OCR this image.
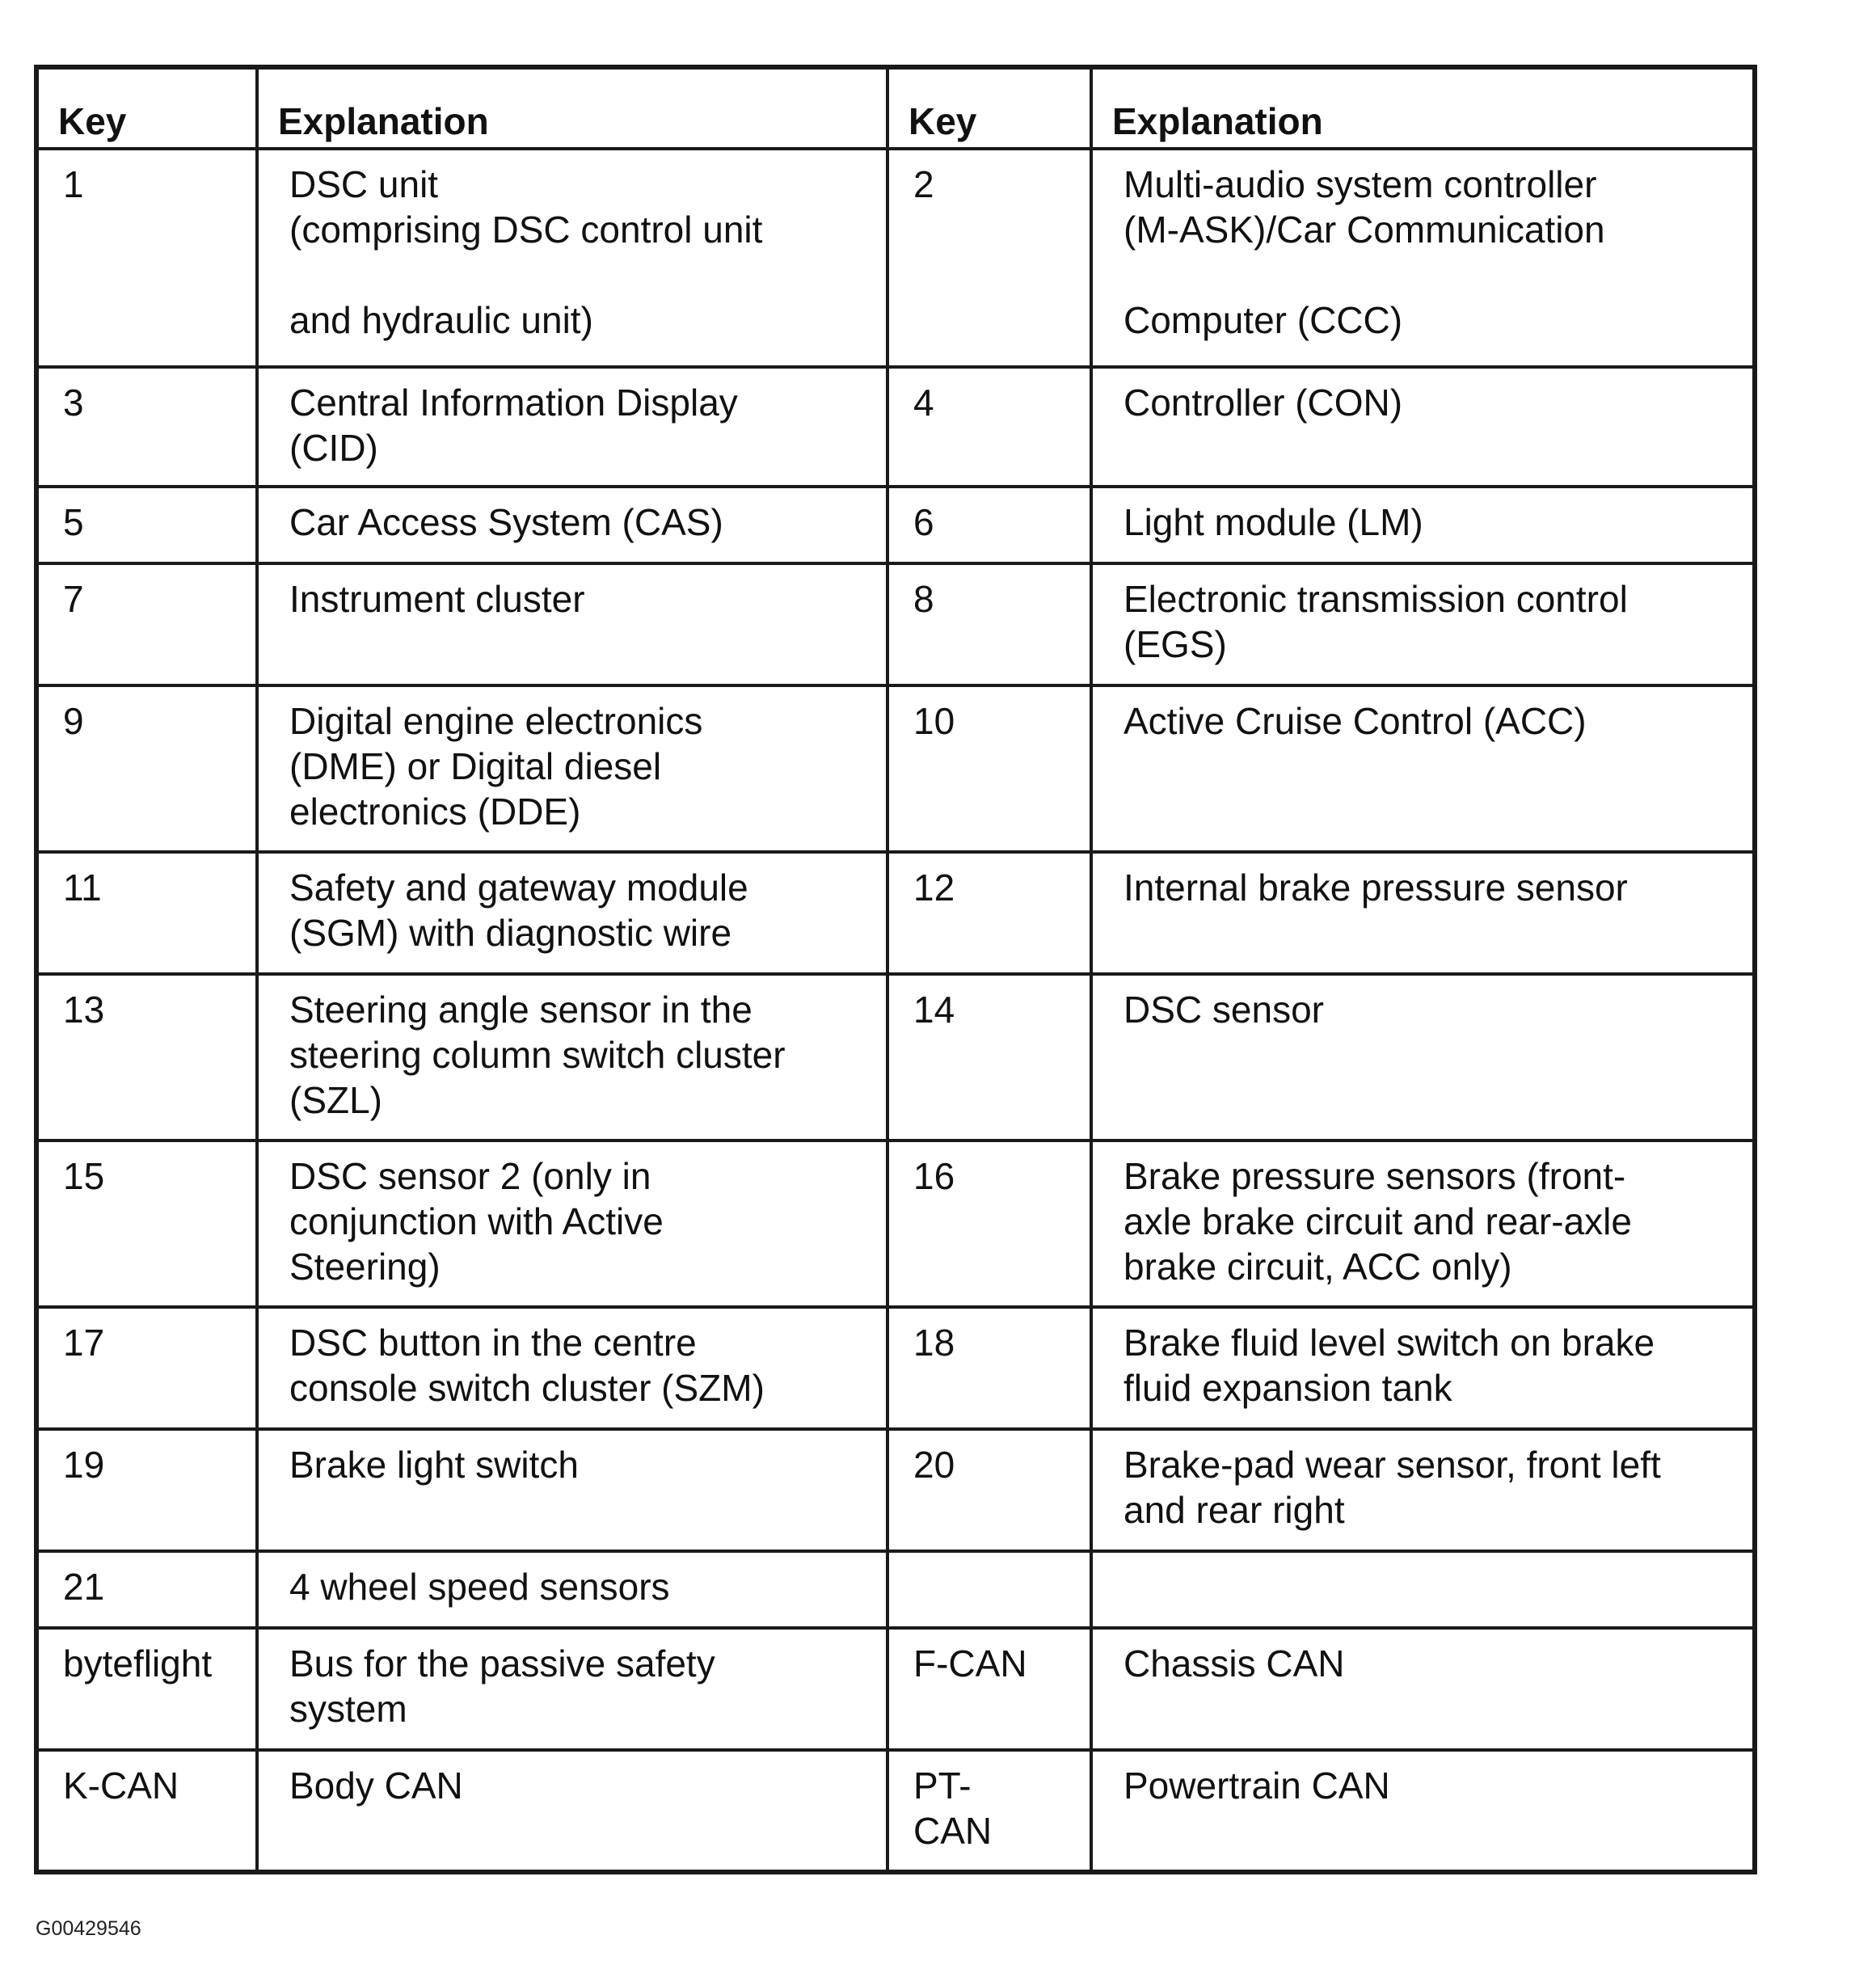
Key	Explanation	Key	Explanation
1	DSC unit
(comprising DSC control unit

and hydraulic unit)	2	Multi-audio system controller
(M-ASK)/Car Communication

Computer (CCC)
3	Central Information Display
(CID)	4	Controller (CON)
5	Car Access System (CAS)	6	Light module (LM)
7	Instrument cluster	8	Electronic transmission control
(EGS)
9	Digital engine electronics
(DME) or Digital diesel
electronics (DDE)	10	Active Cruise Control (ACC)
11	Safety and gateway module
(SGM) with diagnostic wire	12	Internal brake pressure sensor
13	Steering angle sensor in the
steering column switch cluster
(SZL)	14	DSC sensor
15	DSC sensor 2 (only in
conjunction with Active
Steering)	16	Brake pressure sensors (front-
axle brake circuit and rear-axle
brake circuit, ACC only)
17	DSC button in the centre
console switch cluster (SZM)	18	Brake fluid level switch on brake
fluid expansion tank
19	Brake light switch	20	Brake-pad wear sensor, front left
and rear right
21	4 wheel speed sensors		
byteflight	Bus for the passive safety
system	F-CAN	Chassis CAN
K-CAN	Body CAN	PT-
CAN	Powertrain CAN
G00429546
